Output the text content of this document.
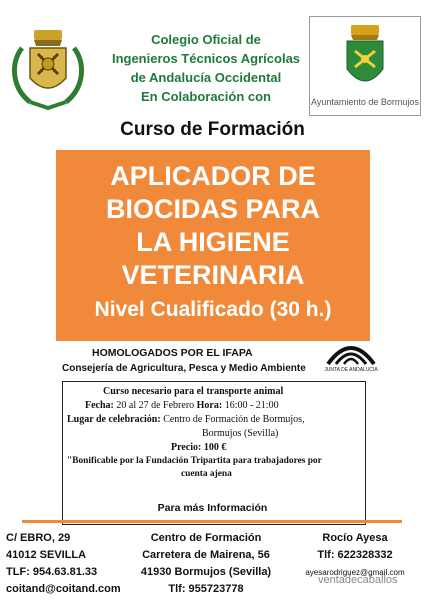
Colegio Oficial de
Ingenieros Técnicos Agrícolas
de Andalucía Occidental
En Colaboración con	Ayuntamiento de Bormujos
Curso de Formación
APLICADOR DE
BIOCIDAS PARA
LA HIGIENE
VETERINARIA
Nivel Cualificado (30 h.)
HOMOLOGADOS POR EL IFAPA
Consejería de Agricultura, Pesca y Medio Ambiente	JUNTA DE ANDALUCIA
Curso necesario para el transporte animal
Fecha: 20 al 27 de Febrero Hora: 16:00 - 21:00
Lugar de celebración: Centro de Formación de Bormujos,
Bormujos (Sevilla)
Precio: 100 €
"Bonificable por la Fundación Tripartita para trabajadores por
cuenta ajena
Para más Información
C/ EBRO, 29
41012 SEVILLA
TLF: 954.63.81.33
coitand@coitand.com
Centro de Formación
Carretera de Mairena, 56
41930 Bormujos (Sevilla)
Tlf: 955723778
Rocío Ayesa
Tlf: 622328332
ayesarodriguez@gmail.com
ventadecaballos
